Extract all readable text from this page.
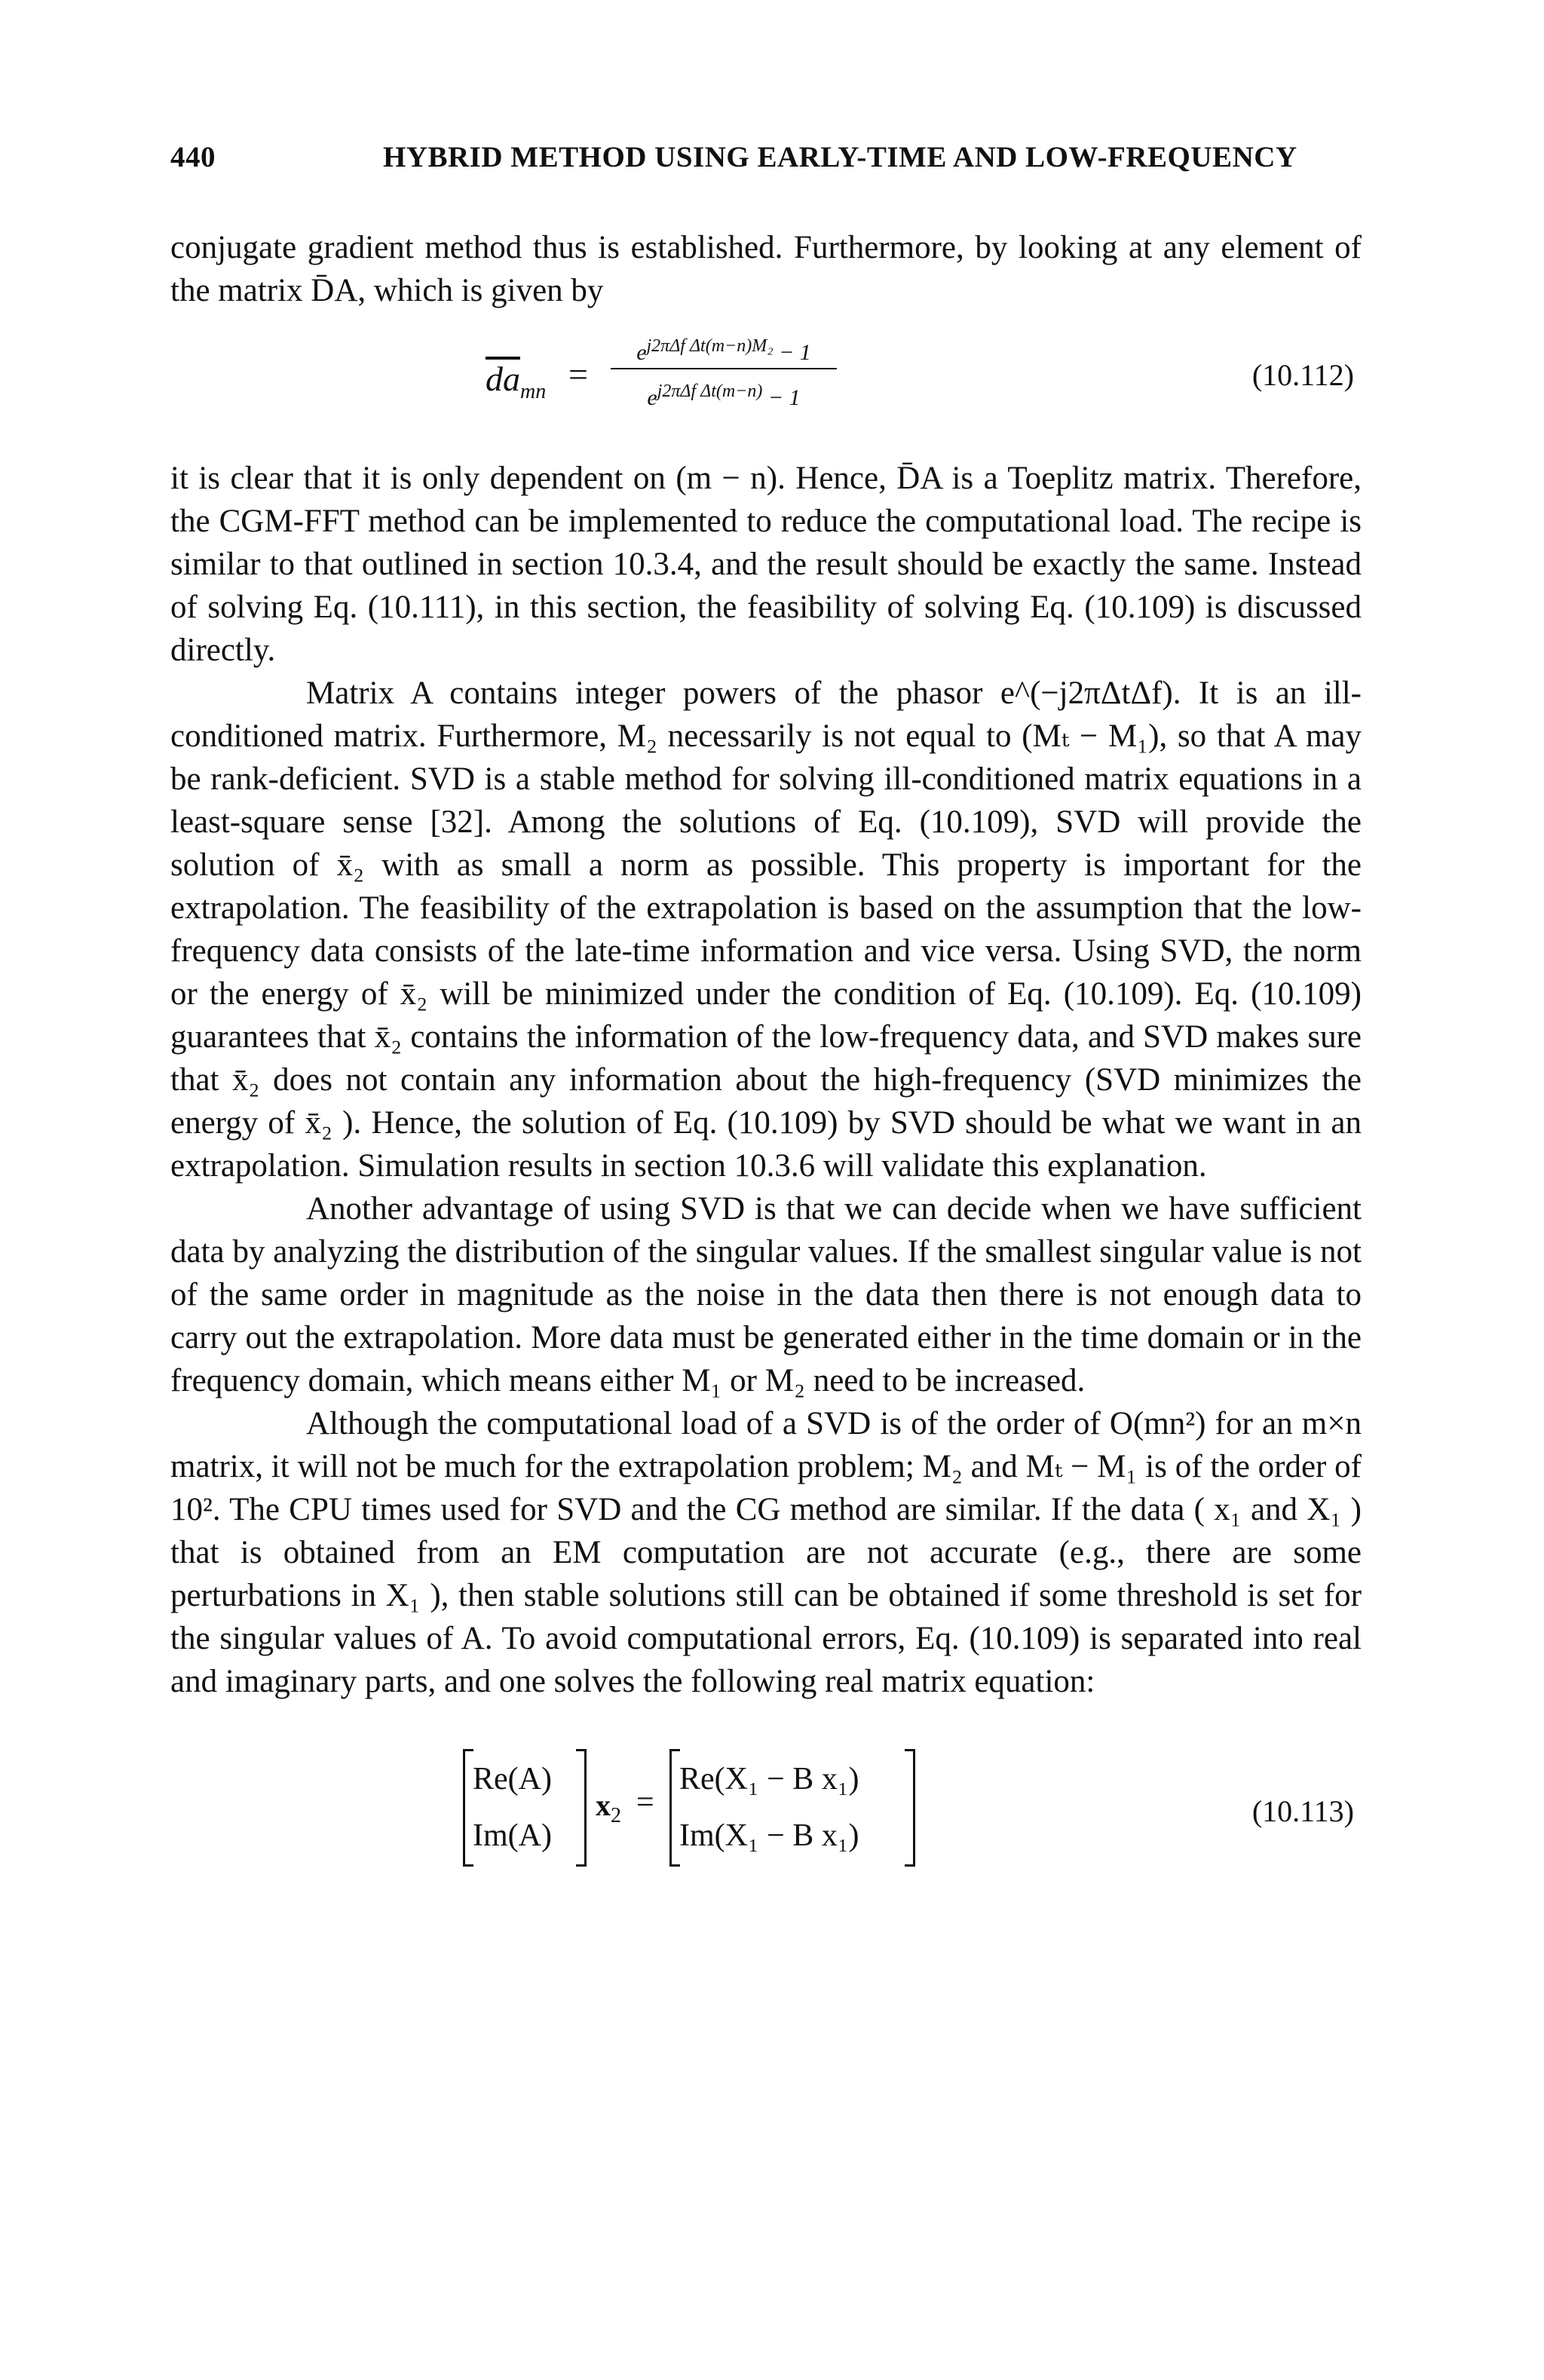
440	HYBRID METHOD USING EARLY-TIME AND LOW-FREQUENCY

conjugate gradient method thus is established. Furthermore, by looking at any element of the matrix D̄A, which is given by

$\overline{da}_{mn}$ =
$e^{j2\pi\Delta f \Delta t(m-n)M_2} - 1$
$e^{j2\pi\Delta f \Delta t(m-n)} - 1$
(10.112)

it is clear that it is only dependent on (m − n). Hence, D̄A is a Toeplitz matrix. Therefore, the CGM-FFT method can be implemented to reduce the computational load. The recipe is similar to that outlined in section 10.3.4, and the result should be exactly the same. Instead of solving Eq. (10.111), in this section, the feasibility of solving Eq. (10.109) is discussed directly.

Matrix A contains integer powers of the phasor e^(−j2πΔtΔf). It is an ill-conditioned matrix. Furthermore, M₂ necessarily is not equal to (Mₜ − M₁), so that A may be rank-deficient. SVD is a stable method for solving ill-conditioned matrix equations in a least-square sense [32]. Among the solutions of Eq. (10.109), SVD will provide the solution of x̄₂ with as small a norm as possible. This property is important for the extrapolation. The feasibility of the extrapolation is based on the assumption that the low-frequency data consists of the late-time information and vice versa. Using SVD, the norm or the energy of x̄₂ will be minimized under the condition of Eq. (10.109). Eq. (10.109) guarantees that x̄₂ contains the information of the low-frequency data, and SVD makes sure that x̄₂ does not contain any information about the high-frequency (SVD minimizes the energy of x̄₂ ). Hence, the solution of Eq. (10.109) by SVD should be what we want in an extrapolation. Simulation results in section 10.3.6 will validate this explanation.

Another advantage of using SVD is that we can decide when we have sufficient data by analyzing the distribution of the singular values. If the smallest singular value is not of the same order in magnitude as the noise in the data then there is not enough data to carry out the extrapolation. More data must be generated either in the time domain or in the frequency domain, which means either M₁ or M₂ need to be increased.

Although the computational load of a SVD is of the order of O(mn²) for an m×n matrix, it will not be much for the extrapolation problem; M₂ and Mₜ − M₁ is of the order of 10². The CPU times used for SVD and the CG method are similar. If the data ( x₁ and X₁ ) that is obtained from an EM computation are not accurate (e.g., there are some perturbations in X₁ ), then stable solutions still can be obtained if some threshold is set for the singular values of A. To avoid computational errors, Eq. (10.109) is separated into real and imaginary parts, and one solves the following real matrix equation:

Re(A)
Im(A)
$x_2$ =
Re(X₁ − B x₁)
Im(X₁ − B x₁)
(10.113)
